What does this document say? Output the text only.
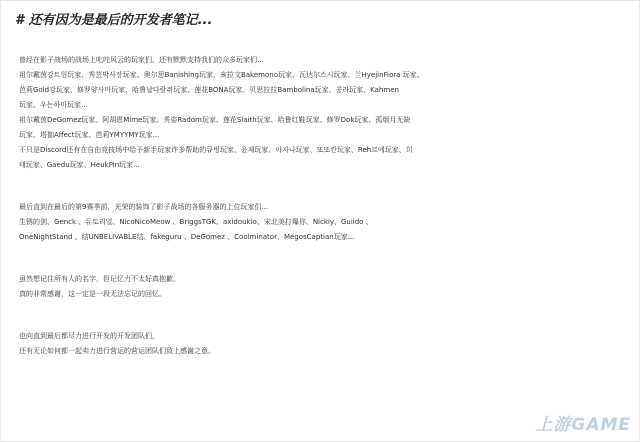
# 还有因为是最后的开发者笔记...
曾经在影子战场的战场上叱咤风云的玩家们，还有默默支持我们的众多玩家们...
祖尔戴茵강트헌玩家、秀芸박사장玩家、奥尔思Banishing玩家、亥拉文Bakemono玩家、瓦达尔스시玩家、兰HyejinFiora 玩家、
芭莉Gold강玩家、修罗양사마玩家、哈鲁날다람쥐玩家、莲花BONA玩家、贝思拉拉Bambolina玩家、콩라玩家、Kahmen
玩家、우는하마玩家...
祖尔戴茵DeGomez玩家、阿胡恩Mime玩家、秀姿Radom玩家、莲花Slaith玩家、哈鲁红鞋玩家、修罗Dok玩家、孤烟月无缺
玩家、塔伽Affect玩家、芭莉YMYYMY玩家...
不只是Discord还有在自由竞技场中给予新手玩家许多帮助的큐빙玩家、윤재玩家、아자나玩家、또또칸玩家、Reh르에玩家、희
태玩家、Gaedu玩家、HeukPin玩家...
最后直到在最后的第9赛季前，光荣的装饰了影子战场的各服务器的上位玩家们...
生锈的剑、Genck 、듀토리얼、NicoNicoMeow 、BriggsTGK、axidoukio、宋北美打爆你、Nickiy、Guiido 、
OneNightStand 、结UNBELIVABLE结、fakeguru 、DeGomez 、Coolminator、MegosCaptian玩家...
虽然想记住所有人的名字，但记忆力不太好真抱歉。
真的非常感谢，这一定是一段无法忘记的回忆。
也向直到最后都尽力进行开发的开发团队们，
还有无论如何都一起卖力进行营运的营运团队们致上感谢之意。
上游GAME
